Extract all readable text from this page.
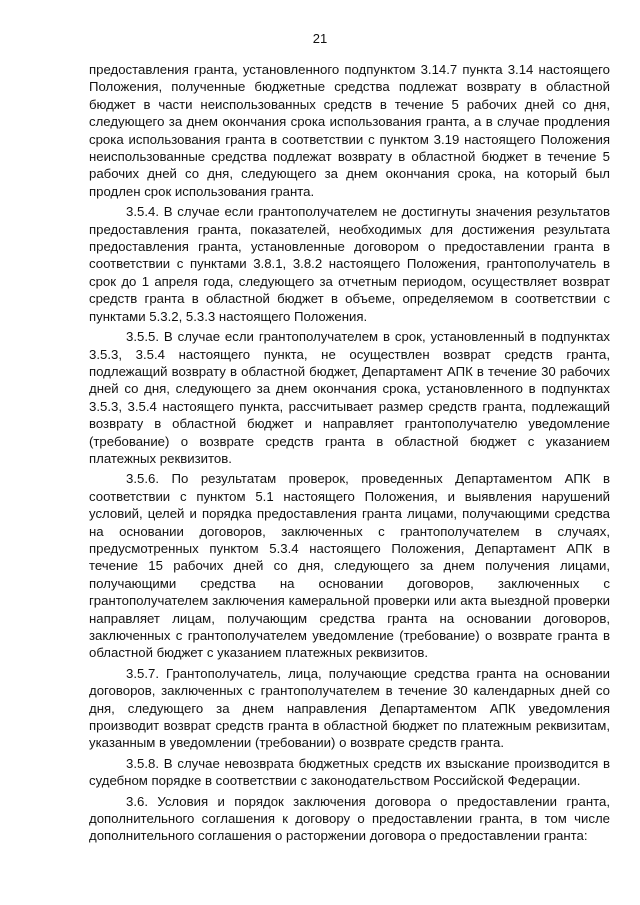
21

предоставления гранта, установленного подпунктом 3.14.7 пункта 3.14 настоящего Положения, полученные бюджетные средства подлежат возврату в областной бюджет в части неиспользованных средств в течение 5 рабочих дней со дня, следующего за днем окончания срока использования гранта, а в случае продления срока использования гранта в соответствии с пунктом 3.19 настоящего Положения неиспользованные средства подлежат возврату в областной бюджет в течение 5 рабочих дней со дня, следующего за днем окончания срока, на который был продлен срок использования гранта.

3.5.4. В случае если грантополучателем не достигнуты значения результатов предоставления гранта, показателей, необходимых для достижения результата предоставления гранта, установленные договором о предоставлении гранта в соответствии с пунктами 3.8.1, 3.8.2 настоящего Положения, грантополучатель в срок до 1 апреля года, следующего за отчетным периодом, осуществляет возврат средств гранта в областной бюджет в объеме, определяемом в соответствии с пунктами 5.3.2, 5.3.3 настоящего Положения.

3.5.5. В случае если грантополучателем в срок, установленный в подпунктах 3.5.3, 3.5.4 настоящего пункта, не осуществлен возврат средств гранта, подлежащий возврату в областной бюджет, Департамент АПК в течение 30 рабочих дней со дня, следующего за днем окончания срока, установленного в подпунктах 3.5.3, 3.5.4 настоящего пункта, рассчитывает размер средств гранта, подлежащий возврату в областной бюджет и направляет грантополучателю уведомление (требование) о возврате средств гранта в областной бюджет с указанием платежных реквизитов.

3.5.6. По результатам проверок, проведенных Департаментом АПК в соответствии с пунктом 5.1 настоящего Положения, и выявления нарушений условий, целей и порядка предоставления гранта лицами, получающими средства на основании договоров, заключенных с грантополучателем в случаях, предусмотренных пунктом 5.3.4 настоящего Положения, Департамент АПК в течение 15 рабочих дней со дня, следующего за днем получения лицами, получающими средства на основании договоров, заключенных с грантополучателем заключения камеральной проверки или акта выездной проверки направляет лицам, получающим средства гранта на основании договоров, заключенных с грантополучателем уведомление (требование) о возврате гранта в областной бюджет с указанием платежных реквизитов.

3.5.7. Грантополучатель, лица, получающие средства гранта на основании договоров, заключенных с грантополучателем в течение 30 календарных дней со дня, следующего за днем направления Департаментом АПК уведомления производит возврат средств гранта в областной бюджет по платежным реквизитам, указанным в уведомлении (требовании) о возврате средств гранта.

3.5.8. В случае невозврата бюджетных средств их взыскание производится в судебном порядке в соответствии с законодательством Российской Федерации.

3.6. Условия и порядок заключения договора о предоставлении гранта, дополнительного соглашения к договору о предоставлении гранта, в том числе дополнительного соглашения о расторжении договора о предоставлении гранта:
